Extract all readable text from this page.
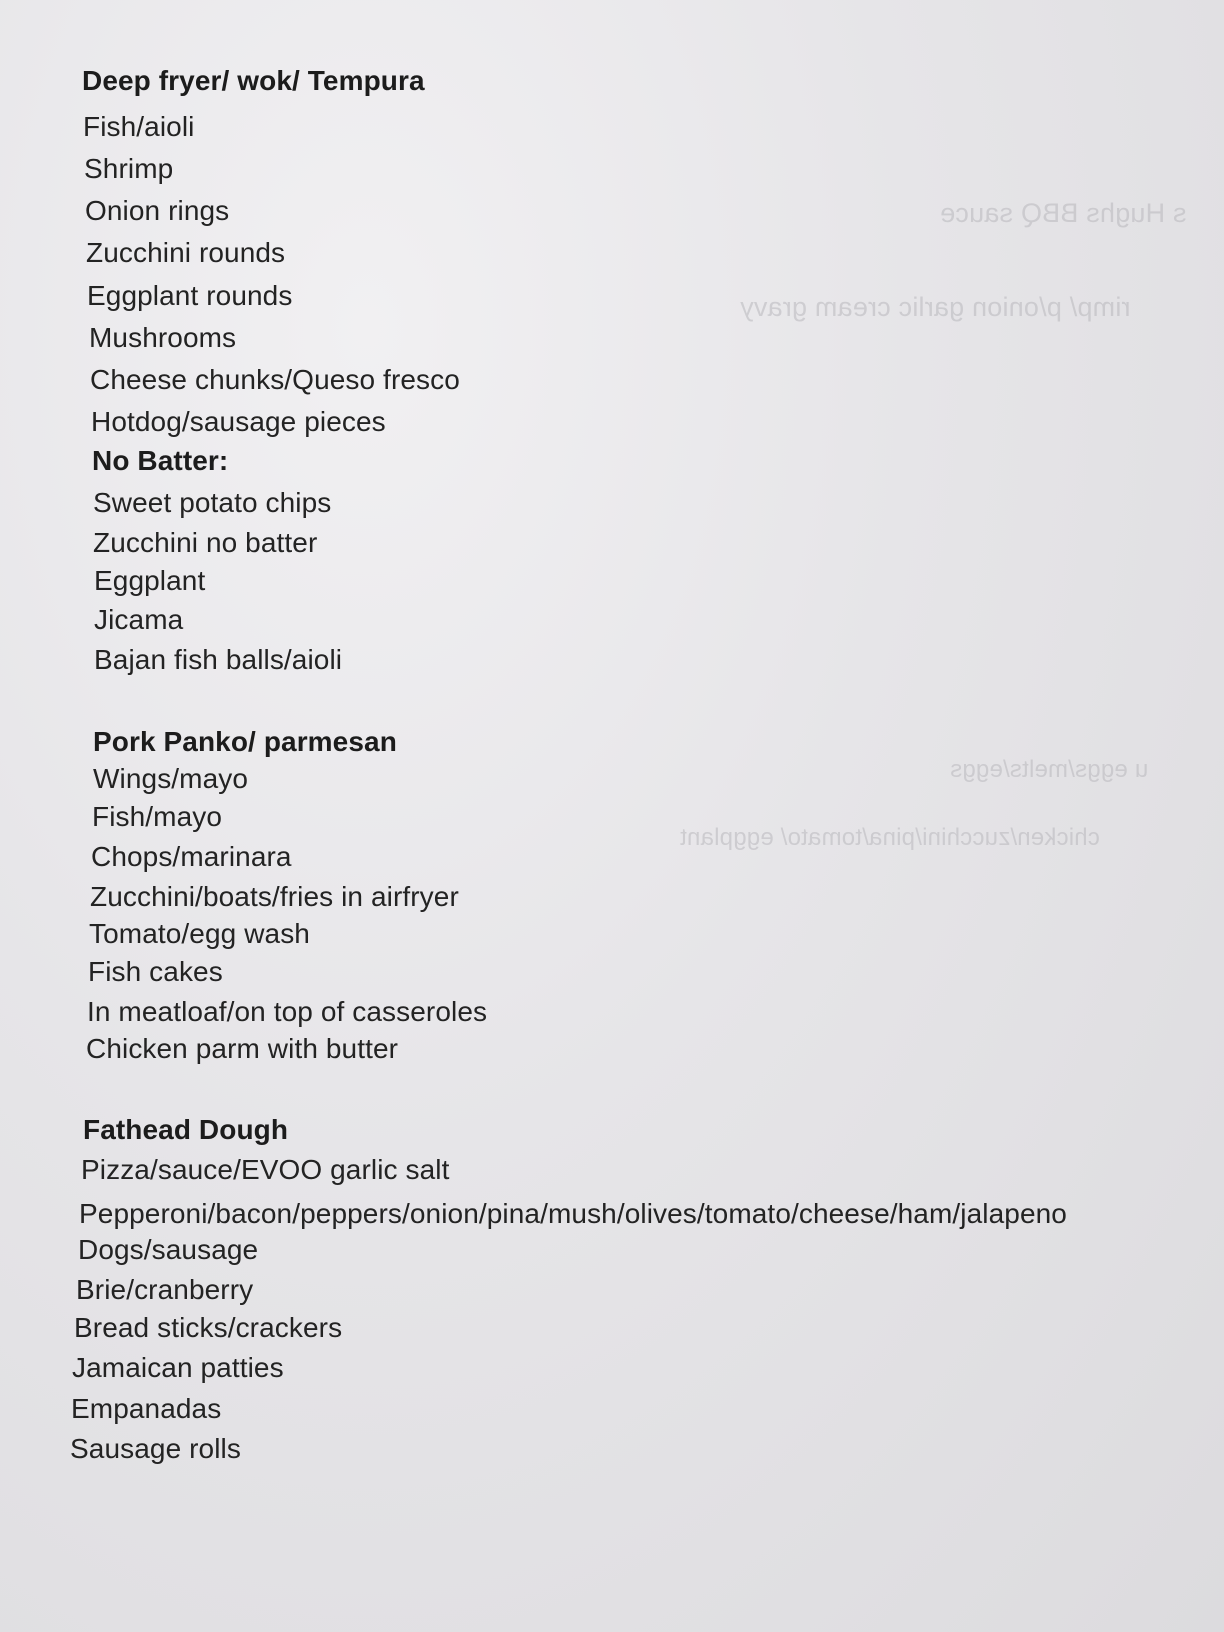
s Hughs BBQ sauce
rimp/ p/onion garlic cream gravy
u eggs/melts/eggs
chicken/zucchini/pina/tomato/ eggplant
Deep fryer/ wok/ Tempura
Fish/aioli
Shrimp
Onion rings
Zucchini rounds
Eggplant rounds
Mushrooms
Cheese chunks/Queso fresco
Hotdog/sausage pieces
No Batter:
Sweet potato chips
Zucchini no batter
Eggplant
Jicama
Bajan fish balls/aioli
Pork Panko/ parmesan
Wings/mayo
Fish/mayo
Chops/marinara
Zucchini/boats/fries in airfryer
Tomato/egg wash
Fish cakes
In meatloaf/on top of casseroles
Chicken parm with butter
Fathead Dough
Pizza/sauce/EVOO garlic salt
Pepperoni/bacon/peppers/onion/pina/mush/olives/tomato/cheese/ham/jalapeno
Dogs/sausage
Brie/cranberry
Bread sticks/crackers
Jamaican patties
Empanadas
Sausage rolls
